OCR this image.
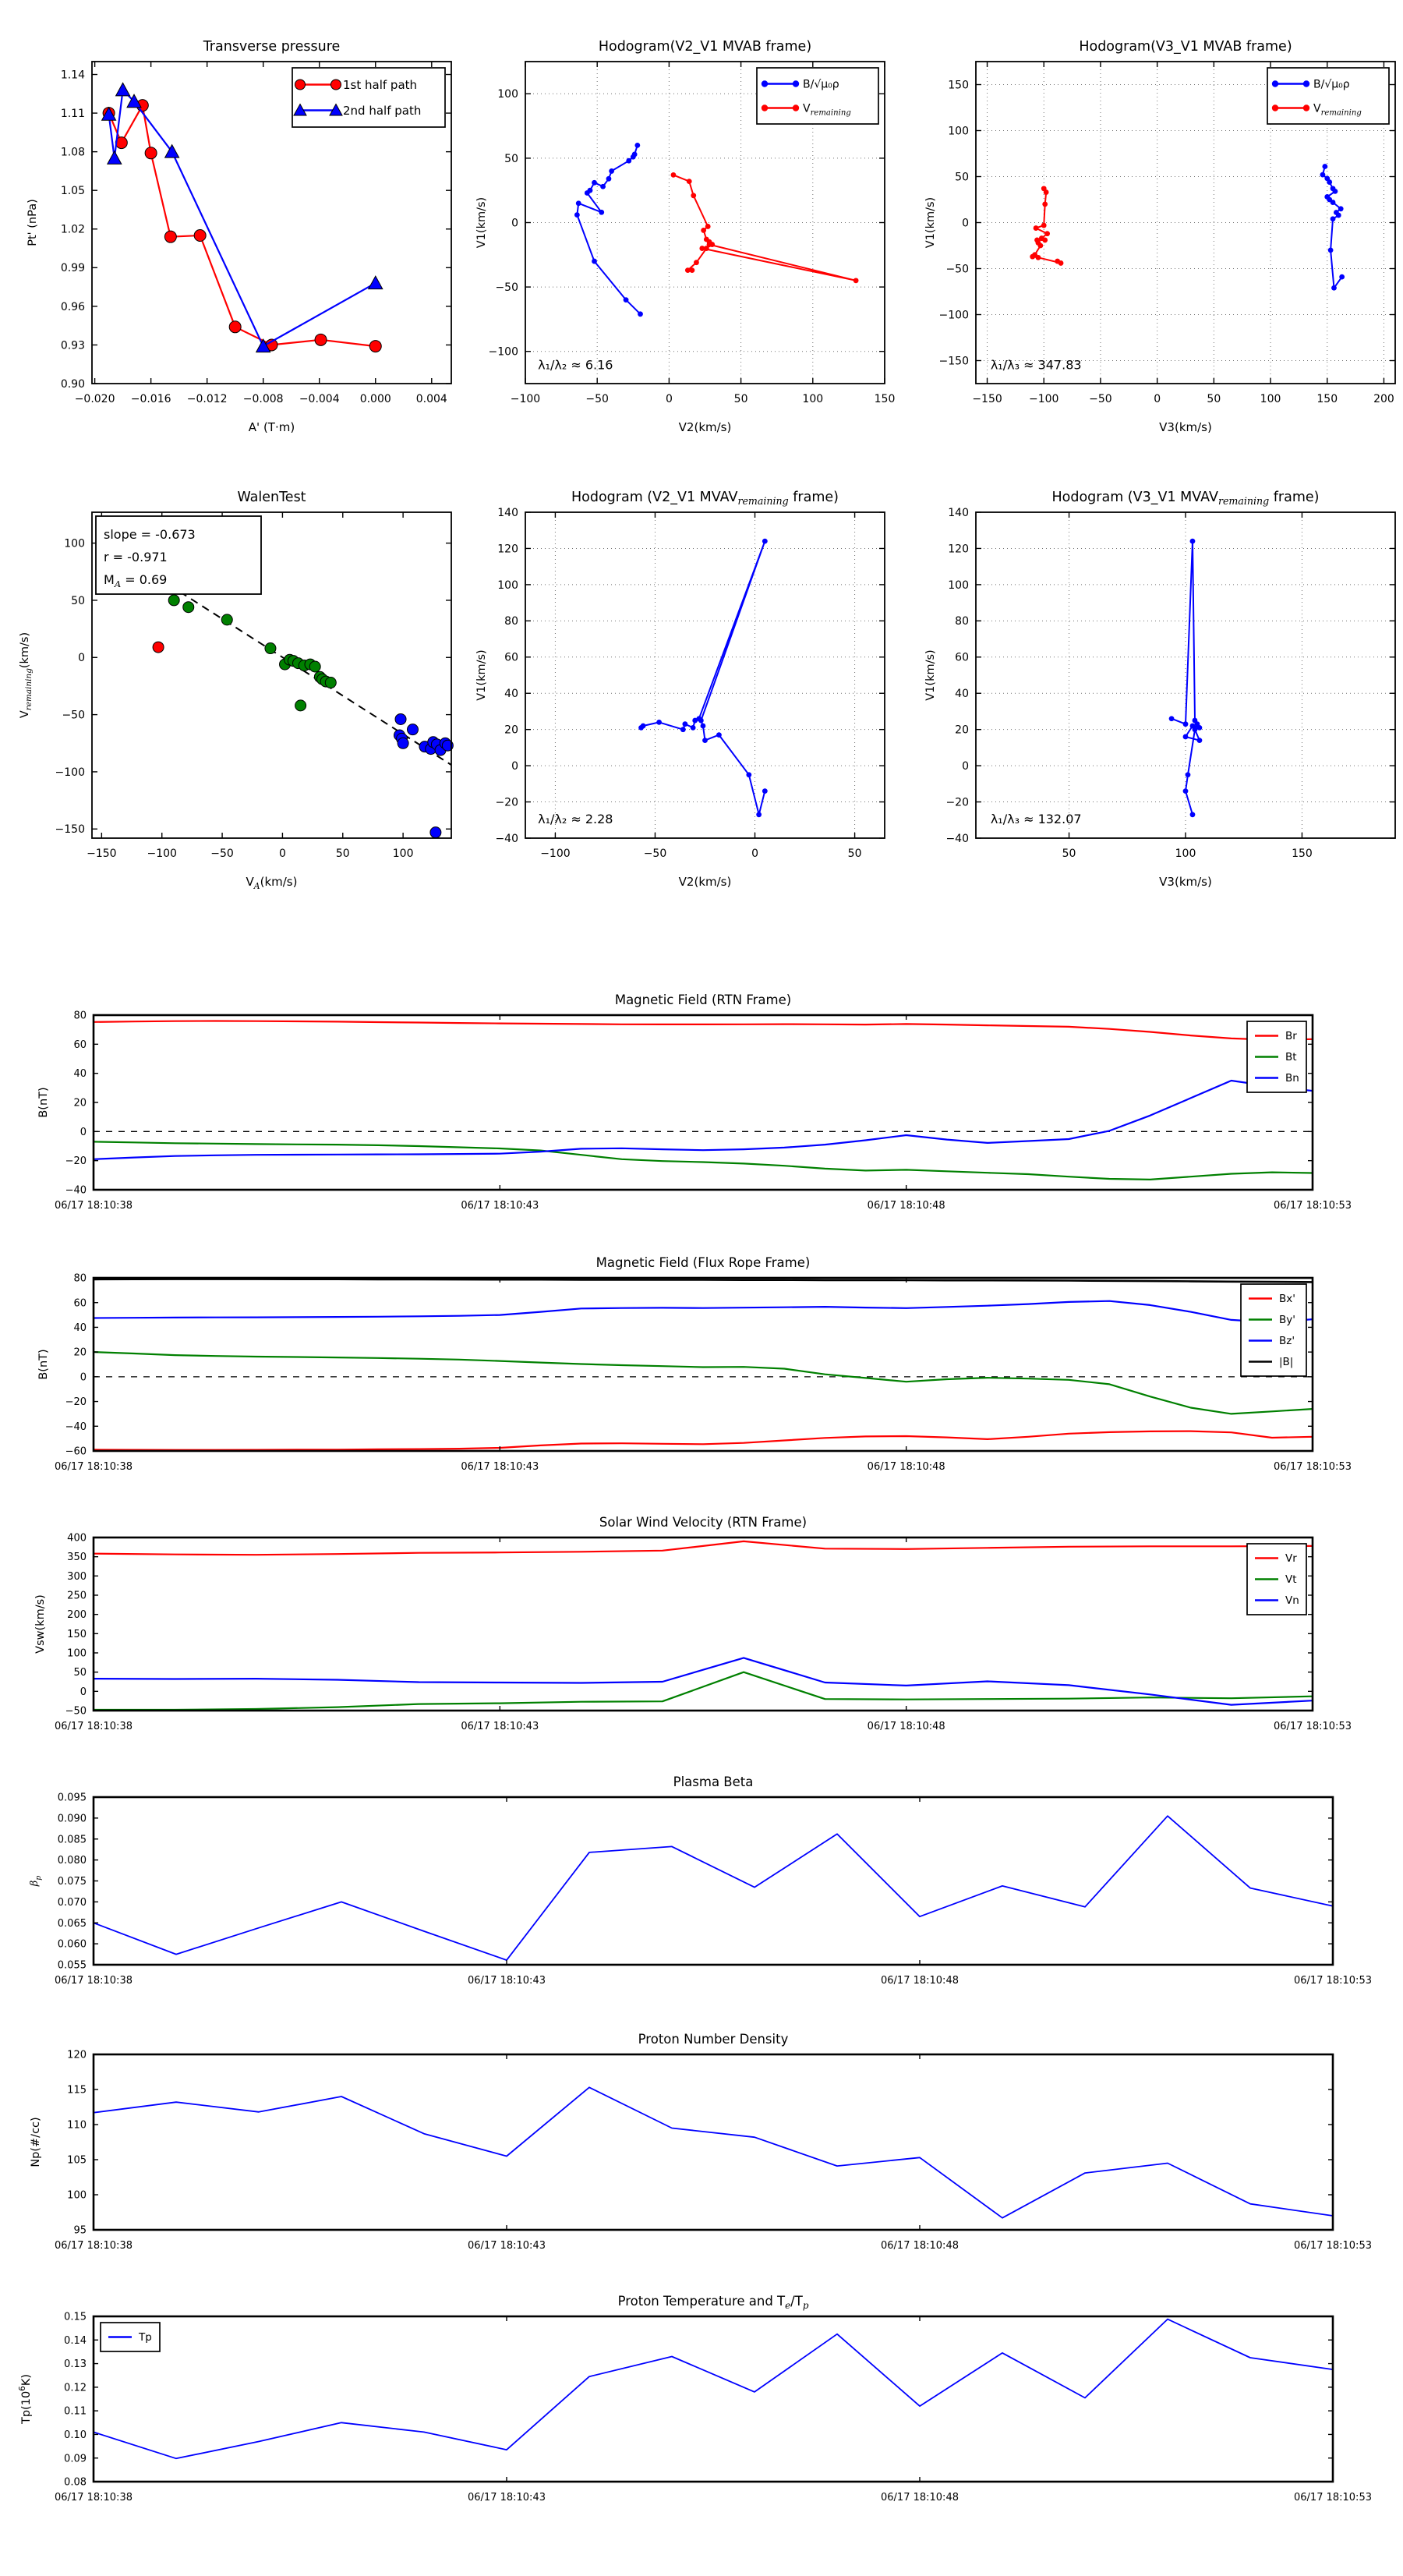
−0.020 −0.016 −0.012 −0.008 −0.004 0.000 0.004
0.90
0.93
0.96
0.99
1.02
1.05
1.08
1.11
1.14
Transverse pressure
A' (T·m)
Pt' (nPa)
1st half path
2nd half path
−100	−50	0	50	100	150
−100
−50
0
50
100
Hodogram(V2_V1 MVAB frame)
V2(km/s)
V1(km/s)
λ₁/λ₂ ≈ 6.16
B/√μ₀ρ
$V_{remaining}$
−150 −100	−50	0	50	100	150	200
−150
−100
−50
0
50
100
150
Hodogram(V3_V1 MVAB frame)
V3(km/s)
V1(km/s)
λ₁/λ₃ ≈ 347.83
B/√μ₀ρ
$V_{remaining}$
−150	−100	−50	0	50	100
−150
−100
−50
0
50
100
WalenTest
$V_A(km/s)$
$V_{remaining}(km/s)$
slope = -0.673
r = -0.971
$M_A = 0.69$
−100	−50	0	50
−40
−20
0
20
40
60
80
100
120
140
Hodogram (V2_V1 $MVAV_{remaining}$ frame)
V2(km/s)
V1(km/s)
λ₁/λ₂ ≈ 2.28
50	100	150
−40
−20
0
20
40
60
80
100
120
140
Hodogram (V3_V1 $MVAV_{remaining}$ frame)
V3(km/s)
V1(km/s)
λ₁/λ₃ ≈ 132.07
06/17 18:10:38	06/17 18:10:43	06/17 18:10:48	06/17 18:10:53
−40
−20
0
20
40
60
80
Magnetic Field (RTN Frame)
B(nT)
Br
Bt
Bn
06/17 18:10:38	06/17 18:10:43	06/17 18:10:48	06/17 18:10:53
−60
−40
−20
0
20
40
60
80
Magnetic Field (Flux Rope Frame)
B(nT)
Bx'
By'
Bz'
|B|
06/17 18:10:38	06/17 18:10:43	06/17 18:10:48	06/17 18:10:53
−50
0
50
100
150
200
250
300
350
400
Solar Wind Velocity (RTN Frame)
Vsw(km/s)
Vr
Vt
Vn
06/17 18:10:38	06/17 18:10:43	06/17 18:10:48	06/17 18:10:53
0.055
0.060
0.065
0.070
0.075
0.080
0.085
0.090
0.095
Plasma Beta
$\beta_p$
06/17 18:10:38	06/17 18:10:43	06/17 18:10:48	06/17 18:10:53
95
100
105
110
115
120
Proton Number Density
Np(#/cc)
06/17 18:10:38	06/17 18:10:43	06/17 18:10:48	06/17 18:10:53
0.08
0.09
0.10
0.11
0.12
0.13
0.14
0.15
Proton Temperature and $T_e/T_p$
$Tp(10^6K)$
Tp
